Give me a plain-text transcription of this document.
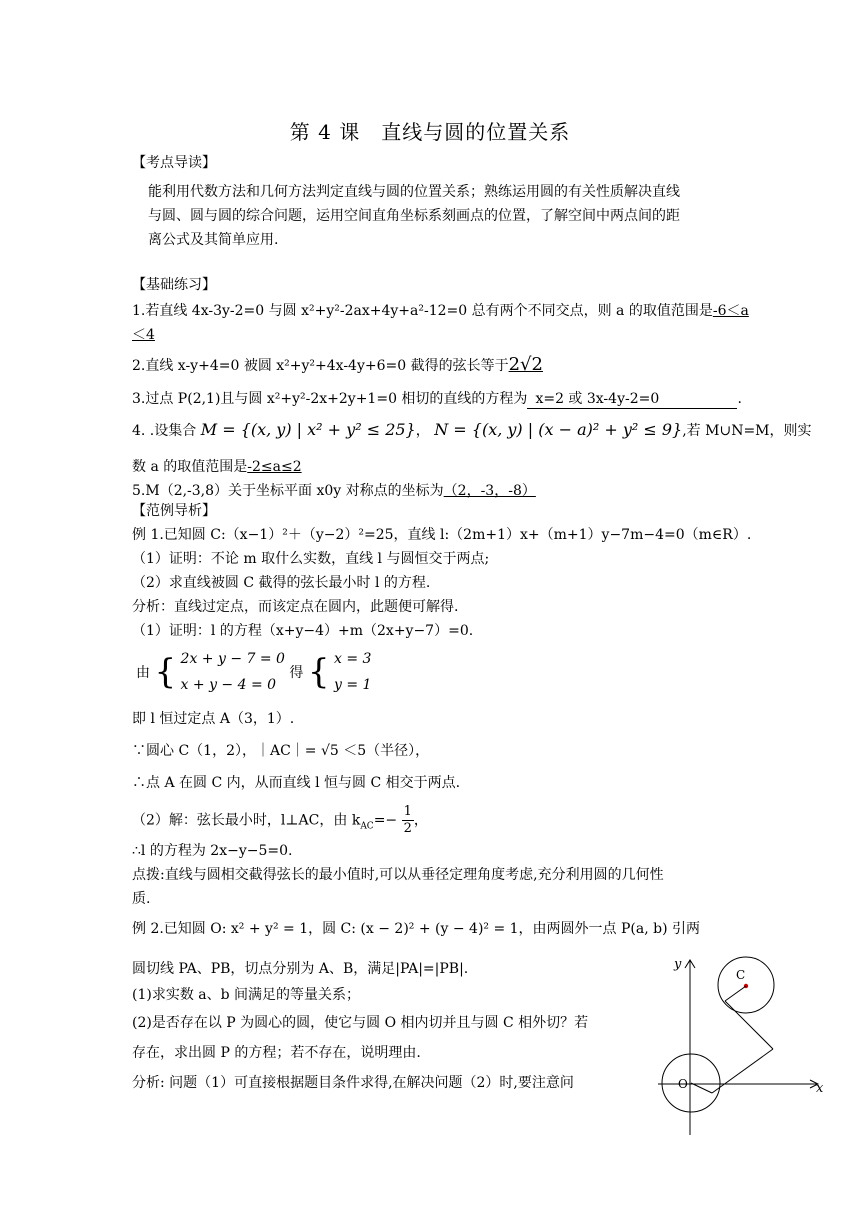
第 4 课　直线与圆的位置关系
【考点导读】
能利用代数方法和几何方法判定直线与圆的位置关系；熟练运用圆的有关性质解决直线
与圆、圆与圆的综合问题，运用空间直角坐标系刻画点的位置，了解空间中两点间的距
离公式及其简单应用.
【基础练习】
1.若直线 4x-3y-2=0 与圆 x²+y²-2ax+4y+a²-12=0 总有两个不同交点，则 a 的取值范围是-6＜a
＜4
2.直线 x-y+4=0 被圆 x²+y²+4x-4y+6=0 截得的弦长等于2√2
3.过点 P(2,1)且与圆 x²+y²-2x+2y+1=0 相切的直线的方程为 x=2 或 3x-4y-2=0	.
4. .设集合 M = {(x, y) | x² + y² ≤ 25}， N = {(x, y) | (x − a)² + y² ≤ 9},若 M∪N=M，则实
数 a 的取值范围是-2≤a≤2
5.M（2,-3,8）关于坐标平面 x0y 对称点的坐标为（2，-3，-8）
【范例导析】
例 1.已知圆 C:（x−1）²＋（y−2）²=25，直线 l:（2m+1）x+（m+1）y−7m−4=0（m∈R）.
（1）证明：不论 m 取什么实数，直线 l 与圆恒交于两点;
（2）求直线被圆 C 截得的弦长最小时 l 的方程.
分析：直线过定点，而该定点在圆内，此题便可解得.
（1）证明：l 的方程（x+y−4）+m（2x+y−7）=0.
由 { 2x + y − 7 = 0
x + y − 4 = 0
得 { x = 3
y = 1
即 l 恒过定点 A（3，1）.
∵圆心 C（1，2），｜AC｜= √5 ＜5（半径），
∴点 A 在圆 C 内，从而直线 l 恒与圆 C 相交于两点.
（2）解：弦长最小时，l⊥AC，由 $k_{AC}=- \frac{1}{2}$ ，
∴l 的方程为 2x−y−5=0.
点拨:直线与圆相交截得弦长的最小值时,可以从垂径定理角度考虑,充分利用圆的几何性
质.
例 2.已知圆 O: x² + y² = 1，圆 C: (x − 2)² + (y − 4)² = 1，由两圆外一点 P(a, b) 引两
圆切线 PA、PB，切点分别为 A、B，满足|PA|=|PB|.
(1)求实数 a、b 间满足的等量关系；
(2)是否存在以 P 为圆心的圆，使它与圆 O 相内切并且与圆 C 相外切？若
存在，求出圆 P 的方程；若不存在，说明理由.
分析: 问题（1）可直接根据题目条件求得,在解决问题（2）时,要注意问
y
x
O
C
